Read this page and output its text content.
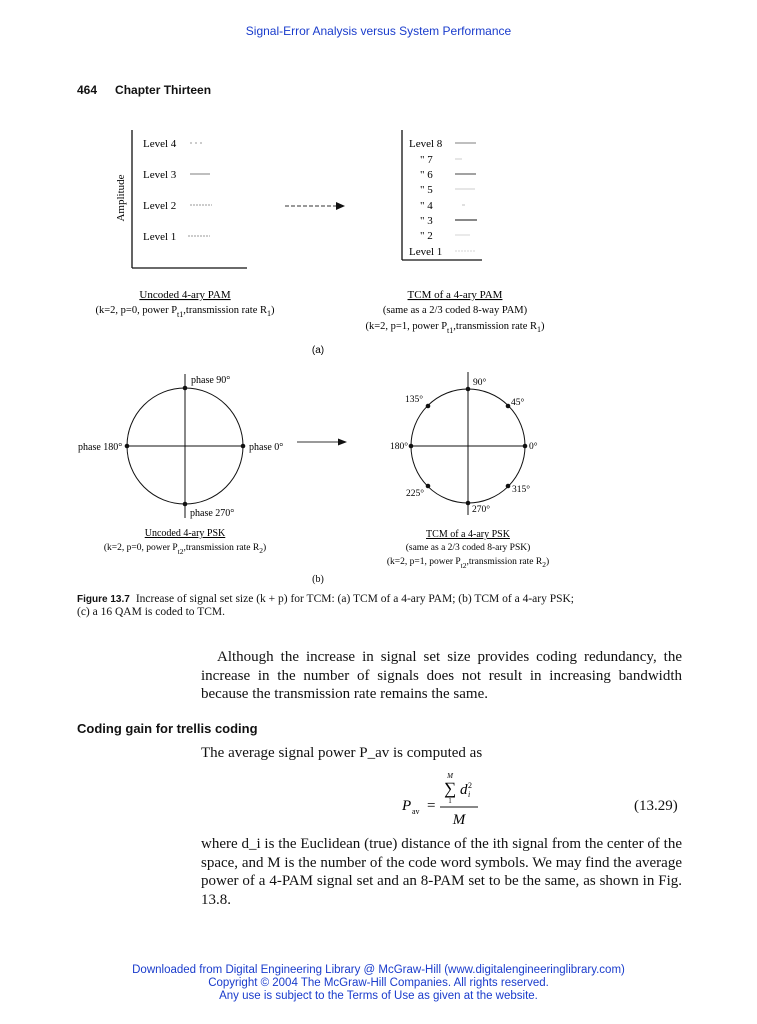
Signal-Error Analysis versus System Performance
464 Chapter Thirteen
Amplitude
Level 4
Level 3
Level 2
Level 1
Level 8
" 7
" 6
" 5
" 4
" 3
" 2
Level 1
Uncoded 4-ary PAM
(k=2, p=0, power $P_{t1},transmission$ rate $R_1$)
TCM of a 4-ary PAM
(same as a 2/3 coded 8-way PAM)
(k=2, p=1, power $P_{t1},transmission$ rate $R_1$)
(a)
phase 90°
phase 180°	phase 0°
phase 270°
90°
45°
135°
180°	0°
225°	315°
270°
Uncoded 4-ary PSK
(k=2, p=0, power $P_{t2},transmission$ rate $R_2$)
TCM of a 4-ary PSK
(same as a 2/3 coded 8-ary PSK)
(k=2, p=1, power $P_{t2},transmission$ rate $R_2$)
(b)
Figure 13.7 Increase of signal set size (k + p) for TCM: (a) TCM of a 4-ary PAM; (b) TCM of a 4-ary PSK; (c) a 16 QAM is coded to TCM.
Although the increase in signal set size provides coding redundancy, the increase in the number of signals does not result in increasing bandwidth because the transmission rate remains the same.
Coding gain for trellis coding
The average signal power P_av is computed as
P av =
M
∑ d 2
i
1
M
(13.29)
where d_i is the Euclidean (true) distance of the ith signal from the center of the space, and M is the number of the code word symbols. We may find the average power of a 4-PAM signal set and an 8-PAM set to be the same, as shown in Fig. 13.8.
Downloaded from Digital Engineering Library @ McGraw-Hill (www.digitalengineeringlibrary.com)
Copyright © 2004 The McGraw-Hill Companies. All rights reserved.
Any use is subject to the Terms of Use as given at the website.
